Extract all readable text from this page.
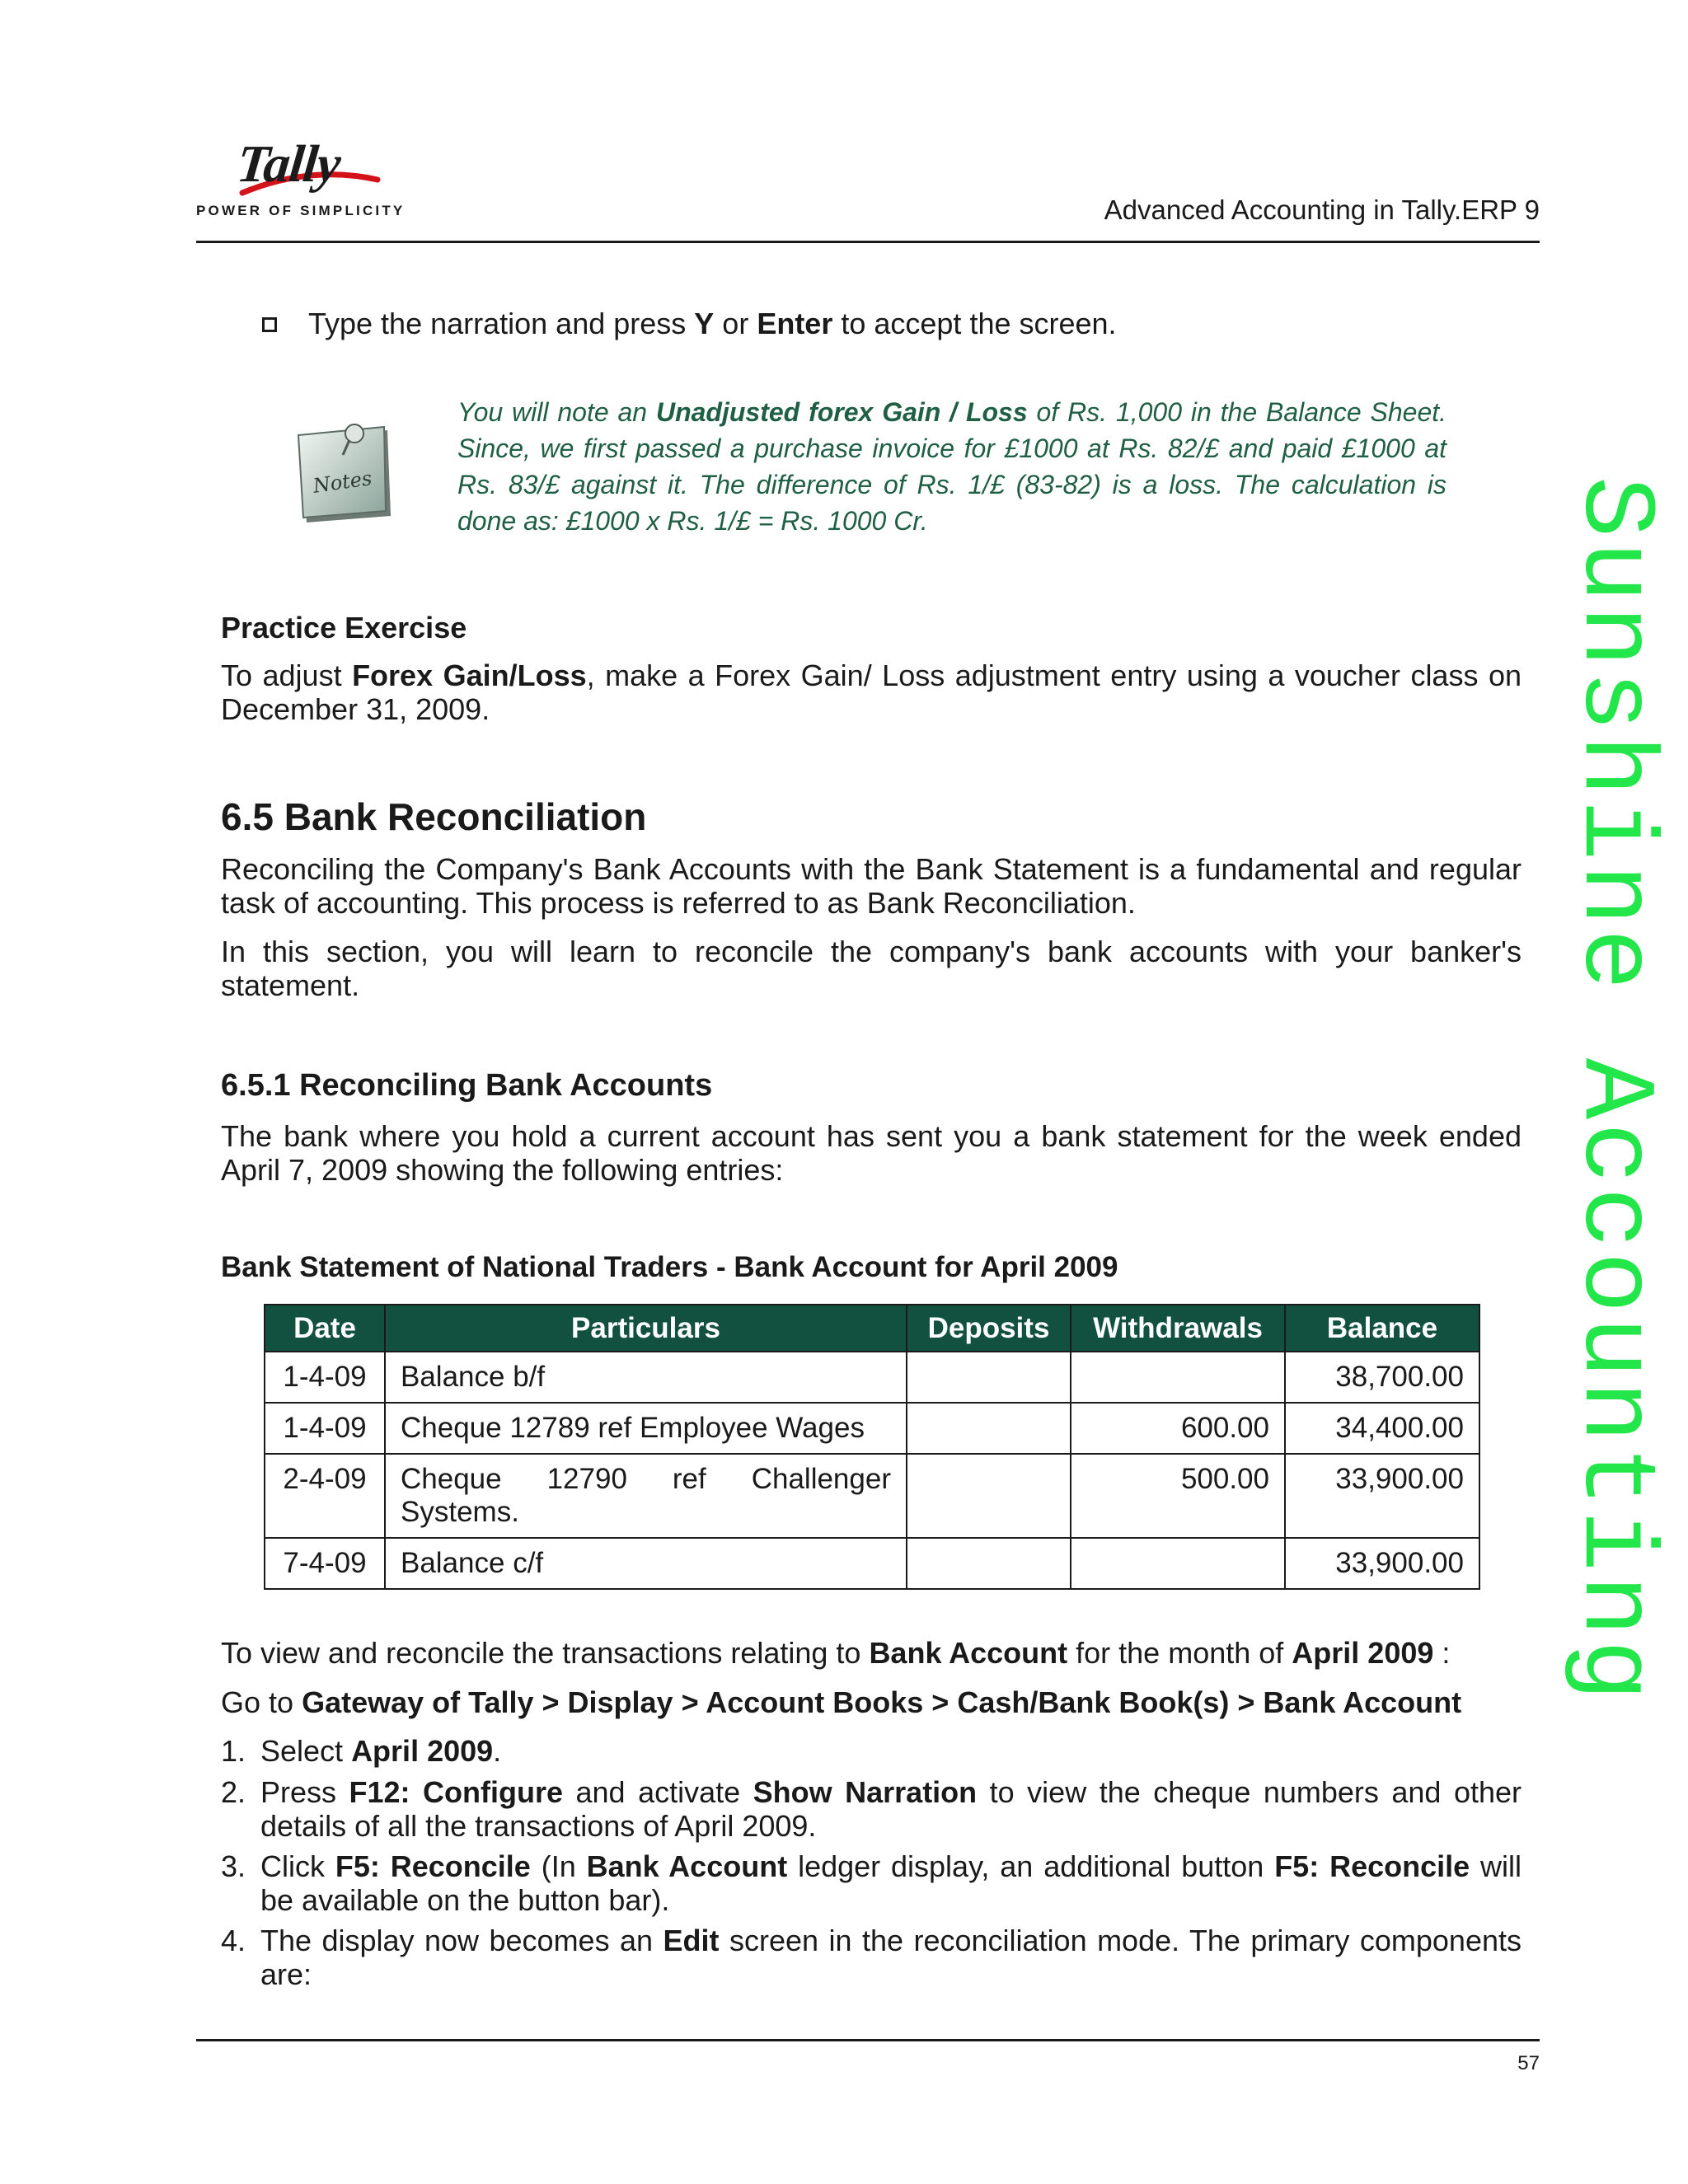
Tally
POWER OF SIMPLICITY	Advanced Accounting in Tally.ERP 9
Sunshine Accounting
Type the narration and press Y or Enter to accept the screen.
Notes
You will note an Unadjusted forex Gain / Loss of Rs. 1,000 in the Balance Sheet. Since, we first passed a purchase invoice for £1000 at Rs. 82/£ and paid £1000 at Rs. 83/£ against it. The difference of Rs. 1/£ (83-82) is a loss. The calculation is done as: £1000 x Rs. 1/£ = Rs. 1000 Cr.
Practice Exercise
To adjust Forex Gain/Loss, make a Forex Gain/ Loss adjustment entry using a voucher class on December 31, 2009.
6.5 Bank Reconciliation
Reconciling the Company's Bank Accounts with the Bank Statement is a fundamental and regular task of accounting. This process is referred to as Bank Reconciliation.
In this section, you will learn to reconcile the company's bank accounts with your banker's statement.
6.5.1 Reconciling Bank Accounts
The bank where you hold a current account has sent you a bank statement for the week ended April 7, 2009 showing the following entries:
Bank Statement of National Traders - Bank Account for April 2009
Date	Particulars	Deposits	Withdrawals	Balance
1-4-09	Balance b/f			38,700.00
1-4-09	Cheque 12789 ref Employee Wages		600.00	34,400.00
2-4-09	Cheque 12790 ref Challenger Systems.		500.00	33,900.00
7-4-09	Balance c/f			33,900.00
To view and reconcile the transactions relating to Bank Account for the month of April 2009 :
Go to Gateway of Tally > Display > Account Books > Cash/Bank Book(s) > Bank Account
1. Select April 2009.
2. Press F12: Configure and activate Show Narration to view the cheque numbers and other details of all the transactions of April 2009.
3. Click F5: Reconcile (In Bank Account ledger display, an additional button F5: Reconcile will be available on the button bar).
4. The display now becomes an Edit screen in the reconciliation mode. The primary components are:
57
